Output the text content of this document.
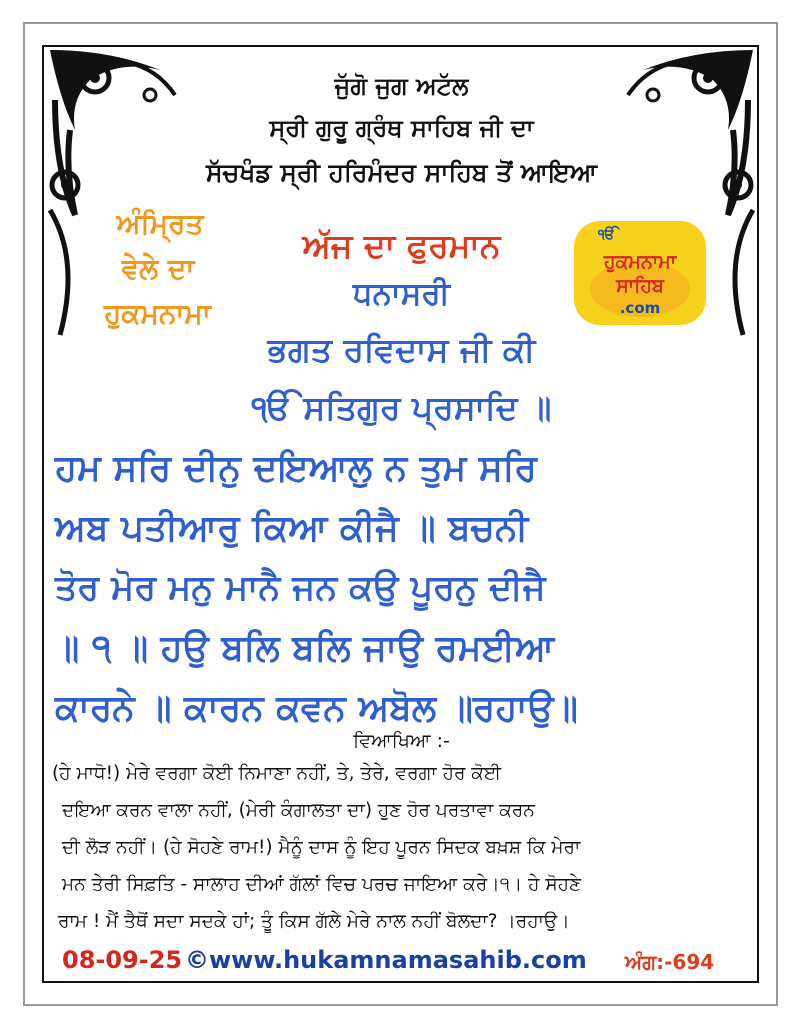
ਜੁੱਗੋ ਜੁਗ ਅਟੱਲ
ਸ੍ਰੀ ਗੁਰੂ ਗ੍ਰੰਥ ਸਾਹਿਬ ਜੀ ਦਾ
ਸੱਚਖੰਡ ਸ੍ਰੀ ਹਰਿਮੰਦਰ ਸਾਹਿਬ ਤੋਂ ਆਇਆ
ਅੰਮ੍ਰਿਤ
ਵੇਲੇ ਦਾ
ਹੁਕਮਨਾਮਾ
ਅੱਜ ਦਾ ਫੁਰਮਾਨ	ੴ
ਹੁਕਮਨਾਮਾ
ਸਾਹਿਬ
.com
ਧਨਾਸਰੀ
ਭਗਤ ਰਵਿਦਾਸ ਜੀ ਕੀ
ੴ ਸਤਿਗੁਰ ਪ੍ਰਸਾਦਿ ॥
ਹਮ ਸਰਿ ਦੀਨੁ ਦਇਆਲੁ ਨ ਤੁਮ ਸਰਿ
ਅਬ ਪਤੀਆਰੁ ਕਿਆ ਕੀਜੈ ॥ ਬਚਨੀ
ਤੋਰ ਮੋਰ ਮਨੁ ਮਾਨੈ ਜਨ ਕਉ ਪੂਰਨੁ ਦੀਜੈ
॥ ੧ ॥ ਹਉ ਬਲਿ ਬਲਿ ਜਾਉ ਰਮਈਆ
ਕਾਰਨੇ ॥ ਕਾਰਨ ਕਵਨ ਅਬੋਲ ॥ਰਹਾਉ॥
ਵਿਆਖਿਆ :-
(ਹੇ ਮਾਧੋ!) ਮੇਰੇ ਵਰਗਾ ਕੋਈ ਨਿਮਾਣਾ ਨਹੀਂ, ਤੇ, ਤੇਰੇ, ਵਰਗਾ ਹੋਰ ਕੋਈ
ਦਇਆ ਕਰਨ ਵਾਲਾ ਨਹੀਂ, (ਮੇਰੀ ਕੰਗਾਲਤਾ ਦਾ) ਹੁਣ ਹੋਰ ਪਰਤਾਵਾ ਕਰਨ
ਦੀ ਲੋੜ ਨਹੀਂ। (ਹੇ ਸੋਹਣੇ ਰਾਮ!) ਮੈਨੂੰ ਦਾਸ ਨੂੰ ਇਹ ਪੂਰਨ ਸਿਦਕ ਬਖ਼ਸ਼ ਕਿ ਮੇਰਾ
ਮਨ ਤੇਰੀ ਸਿਫ਼ਤਿ - ਸਾਲਾਹ ਦੀਆਂ ਗੱਲਾਂ ਵਿਚ ਪਰਚ ਜਾਇਆ ਕਰੇ।੧। ਹੇ ਸੋਹਣੇ
ਰਾਮ ! ਮੈਂ ਤੈਥੋਂ ਸਦਾ ਸਦਕੇ ਹਾਂ; ਤੂੰ ਕਿਸ ਗੱਲੇ ਮੇਰੇ ਨਾਲ ਨਹੀਂ ਬੋਲਦਾ? ।ਰਹਾਉ।
08-09-25 ©www.hukamnamasahib.com ਅੰਗ:-694
